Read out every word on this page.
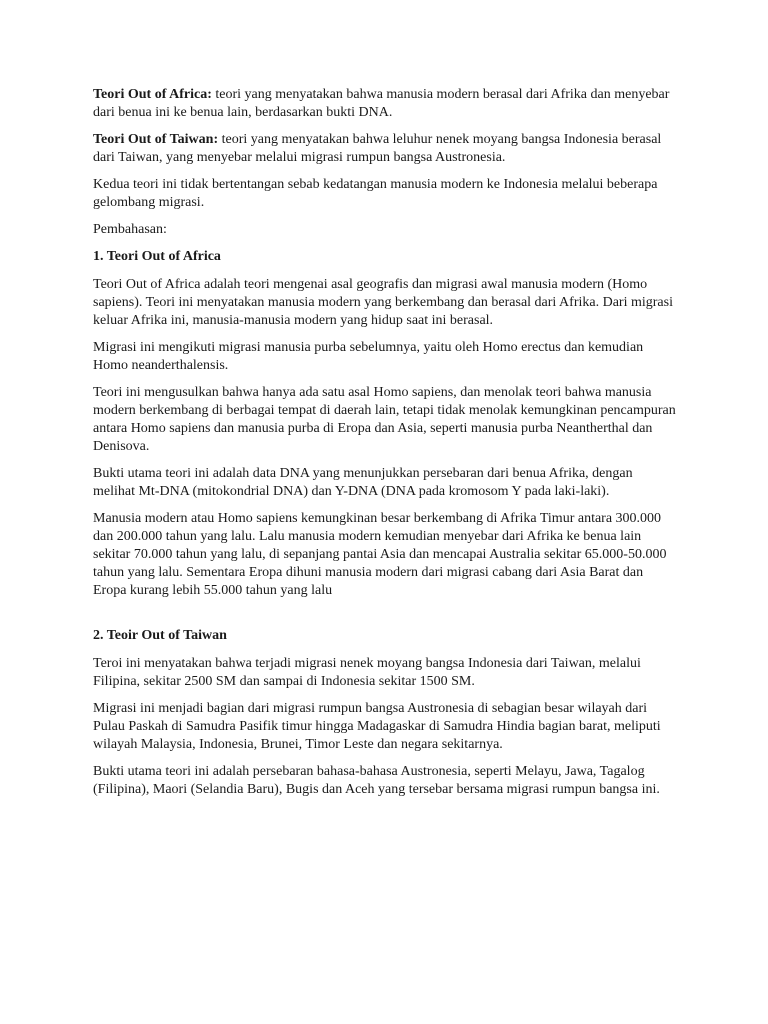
Teori Out of Africa: teori yang menyatakan bahwa manusia modern berasal dari Afrika dan menyebar dari benua ini ke benua lain, berdasarkan bukti DNA.

Teori Out of Taiwan: teori yang menyatakan bahwa leluhur nenek moyang bangsa Indonesia berasal dari Taiwan, yang menyebar melalui migrasi rumpun bangsa Austronesia.

Kedua teori ini tidak bertentangan sebab kedatangan manusia modern ke Indonesia melalui beberapa gelombang migrasi.

Pembahasan:

1. Teori Out of Africa

Teori Out of Africa adalah teori mengenai asal geografis dan migrasi awal manusia modern (Homo sapiens). Teori ini menyatakan manusia modern yang berkembang dan berasal dari Afrika. Dari migrasi keluar Afrika ini, manusia-manusia modern yang hidup saat ini berasal.

Migrasi ini mengikuti migrasi manusia purba sebelumnya, yaitu oleh Homo erectus dan kemudian Homo neanderthalensis.

Teori ini mengusulkan bahwa hanya ada satu asal Homo sapiens, dan menolak teori bahwa manusia modern berkembang di berbagai tempat di daerah lain, tetapi tidak menolak kemungkinan pencampuran antara Homo sapiens dan manusia purba di Eropa dan Asia, seperti manusia purba Neantherthal dan Denisova.

Bukti utama teori ini adalah data DNA yang menunjukkan persebaran dari benua Afrika, dengan melihat Mt-DNA (mitokondrial DNA) dan Y-DNA (DNA pada kromosom Y pada laki-laki).

Manusia modern atau Homo sapiens kemungkinan besar berkembang di Afrika Timur antara 300.000 dan 200.000 tahun yang lalu. Lalu manusia modern kemudian menyebar dari Afrika ke benua lain sekitar 70.000 tahun yang lalu, di sepanjang pantai Asia dan mencapai Australia sekitar 65.000-50.000 tahun yang lalu. Sementara Eropa dihuni manusia modern dari migrasi cabang dari Asia Barat dan Eropa kurang lebih 55.000 tahun yang lalu

2. Teoir Out of Taiwan

Teroi ini menyatakan bahwa terjadi migrasi nenek moyang bangsa Indonesia dari Taiwan, melalui Filipina, sekitar 2500 SM dan sampai di Indonesia sekitar 1500 SM.

Migrasi ini menjadi bagian dari migrasi rumpun bangsa Austronesia di sebagian besar wilayah dari Pulau Paskah di Samudra Pasifik timur hingga Madagaskar di Samudra Hindia bagian barat, meliputi wilayah Malaysia, Indonesia, Brunei, Timor Leste dan negara sekitarnya.

Bukti utama teori ini adalah persebaran bahasa-bahasa Austronesia, seperti Melayu, Jawa, Tagalog (Filipina), Maori (Selandia Baru), Bugis dan Aceh yang tersebar bersama migrasi rumpun bangsa ini.
